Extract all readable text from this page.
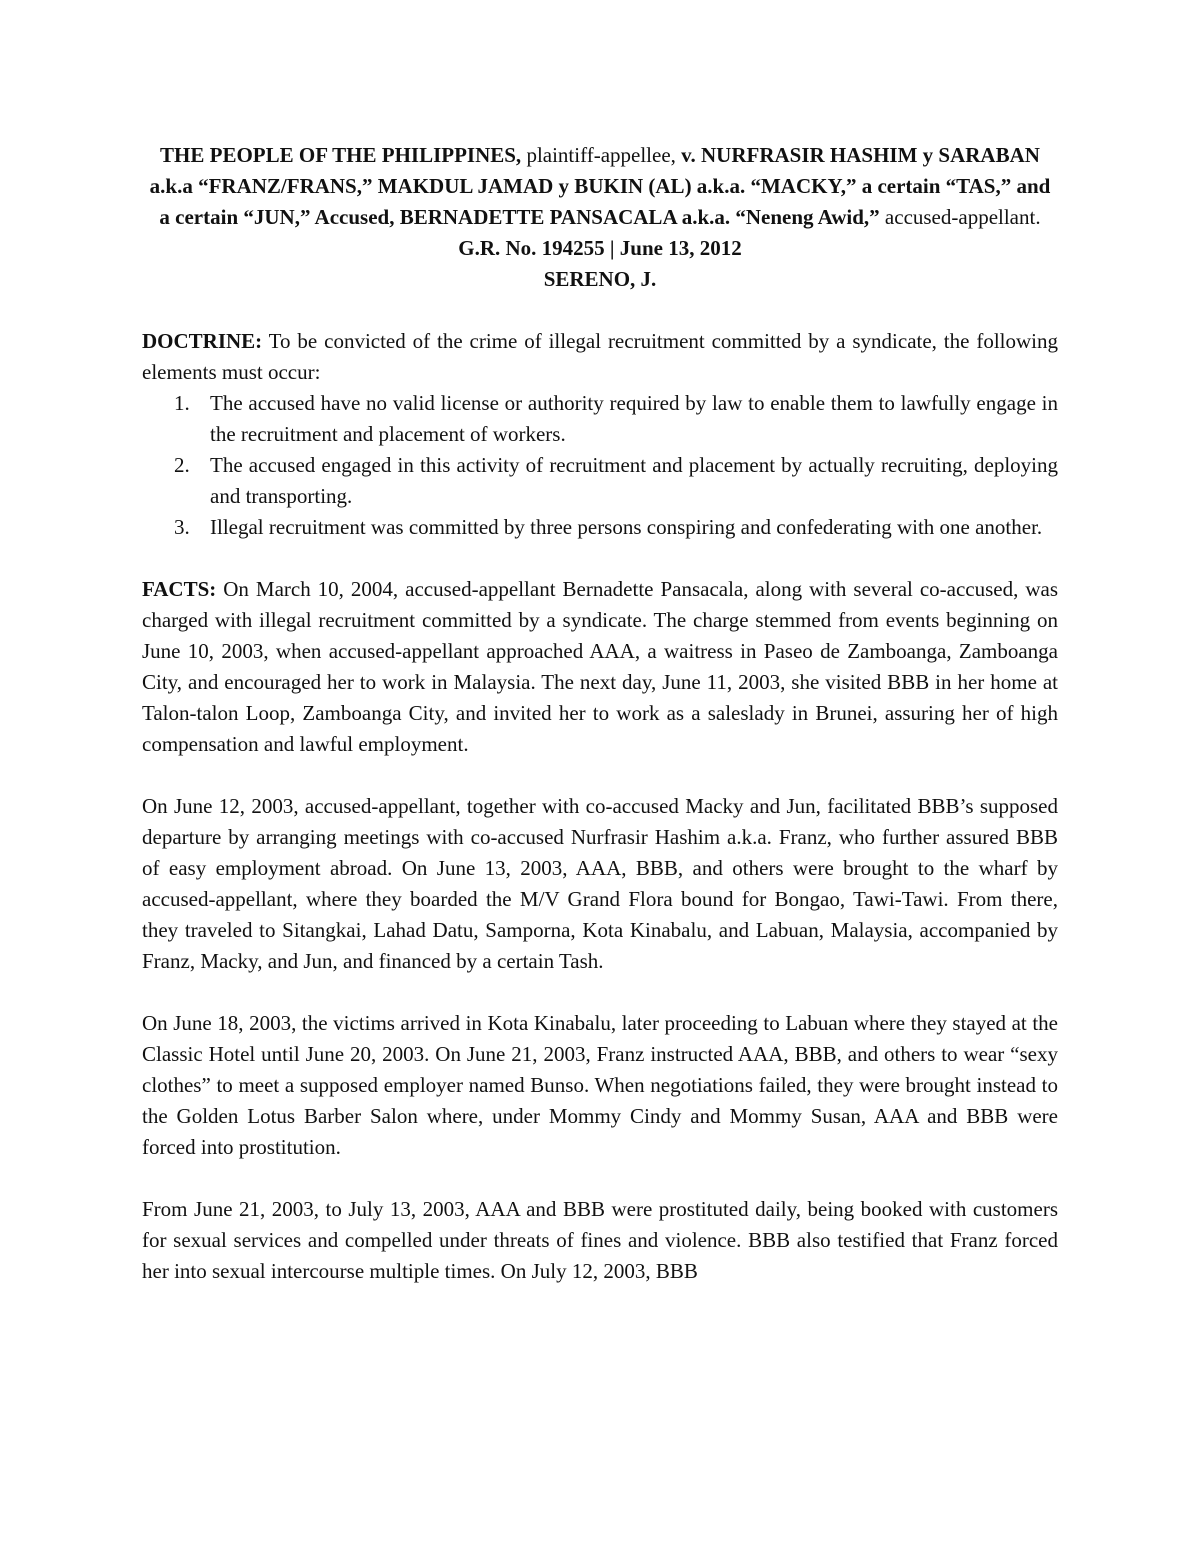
THE PEOPLE OF THE PHILIPPINES, plaintiff-appellee, v. NURFRASIR HASHIM y SARABAN a.k.a “FRANZ/FRANS,” MAKDUL JAMAD y BUKIN (AL) a.k.a. “MACKY,” a certain “TAS,” and a certain “JUN,” Accused, BERNADETTE PANSACALA a.k.a. “Neneng Awid,” accused-appellant.

G.R. No. 194255 | June 13, 2012

SERENO, J.

DOCTRINE: To be convicted of the crime of illegal recruitment committed by a syndicate, the following elements must occur:

1. The accused have no valid license or authority required by law to enable them to lawfully engage in the recruitment and placement of workers.
2. The accused engaged in this activity of recruitment and placement by actually recruiting, deploying and transporting.
3. Illegal recruitment was committed by three persons conspiring and confederating with one another.

FACTS: On March 10, 2004, accused-appellant Bernadette Pansacala, along with several co-accused, was charged with illegal recruitment committed by a syndicate. The charge stemmed from events beginning on June 10, 2003, when accused-appellant approached AAA, a waitress in Paseo de Zamboanga, Zamboanga City, and encouraged her to work in Malaysia. The next day, June 11, 2003, she visited BBB in her home at Talon-talon Loop, Zamboanga City, and invited her to work as a saleslady in Brunei, assuring her of high compensation and lawful employment.

On June 12, 2003, accused-appellant, together with co-accused Macky and Jun, facilitated BBB’s supposed departure by arranging meetings with co-accused Nurfrasir Hashim a.k.a. Franz, who further assured BBB of easy employment abroad. On June 13, 2003, AAA, BBB, and others were brought to the wharf by accused-appellant, where they boarded the M/V Grand Flora bound for Bongao, Tawi-Tawi. From there, they traveled to Sitangkai, Lahad Datu, Samporna, Kota Kinabalu, and Labuan, Malaysia, accompanied by Franz, Macky, and Jun, and financed by a certain Tash.

On June 18, 2003, the victims arrived in Kota Kinabalu, later proceeding to Labuan where they stayed at the Classic Hotel until June 20, 2003. On June 21, 2003, Franz instructed AAA, BBB, and others to wear “sexy clothes” to meet a supposed employer named Bunso. When negotiations failed, they were brought instead to the Golden Lotus Barber Salon where, under Mommy Cindy and Mommy Susan, AAA and BBB were forced into prostitution.

From June 21, 2003, to July 13, 2003, AAA and BBB were prostituted daily, being booked with customers for sexual services and compelled under threats of fines and violence. BBB also testified that Franz forced her into sexual intercourse multiple times. On July 12, 2003, BBB
